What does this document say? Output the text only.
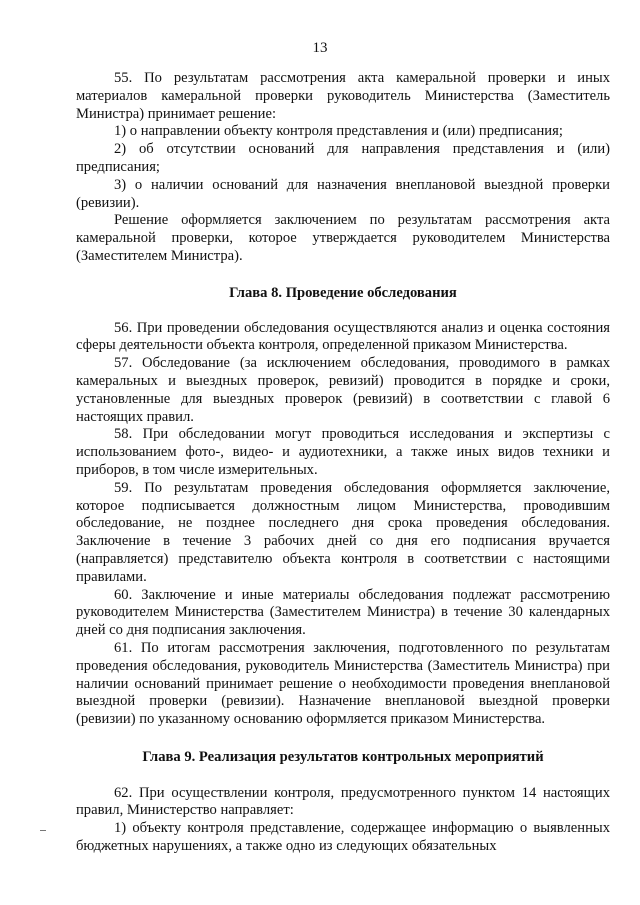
13

55. По результатам рассмотрения акта камеральной проверки и иных материалов камеральной проверки руководитель Министерства (Заместитель Министра) принимает решение:

1) о направлении объекту контроля представления и (или) предписания;

2) об отсутствии оснований для направления представления и (или) предписания;

3) о наличии оснований для назначения внеплановой выездной проверки (ревизии).

Решение оформляется заключением по результатам рассмотрения акта камеральной проверки, которое утверждается руководителем Министерства (Заместителем Министра).

Глава 8. Проведение обследования

56. При проведении обследования осуществляются анализ и оценка состояния сферы деятельности объекта контроля, определенной приказом Министерства.

57. Обследование (за исключением обследования, проводимого в рамках камеральных и выездных проверок, ревизий) проводится в порядке и сроки, установленные для выездных проверок (ревизий) в соответствии с главой 6 настоящих правил.

58. При обследовании могут проводиться исследования и экспертизы с использованием фото-, видео- и аудиотехники, а также иных видов техники и приборов, в том числе измерительных.

59. По результатам проведения обследования оформляется заключение, которое подписывается должностным лицом Министерства, проводившим обследование, не позднее последнего дня срока проведения обследования. Заключение в течение 3 рабочих дней со дня его подписания вручается (направляется) представителю объекта контроля в соответствии с настоящими правилами.

60. Заключение и иные материалы обследования подлежат рассмотрению руководителем Министерства (Заместителем Министра) в течение 30 календарных дней со дня подписания заключения.

61. По итогам рассмотрения заключения, подготовленного по результатам проведения обследования, руководитель Министерства (Заместитель Министра) при наличии оснований принимает решение о необходимости проведения внеплановой выездной проверки (ревизии). Назначение внеплановой выездной проверки (ревизии) по указанному основанию оформляется приказом Министерства.

Глава 9. Реализация результатов контрольных мероприятий

62. При осуществлении контроля, предусмотренного пунктом 14 настоящих правил, Министерство направляет:

1) объекту контроля представление, содержащее информацию о выявленных бюджетных нарушениях, а также одно из следующих обязательных
